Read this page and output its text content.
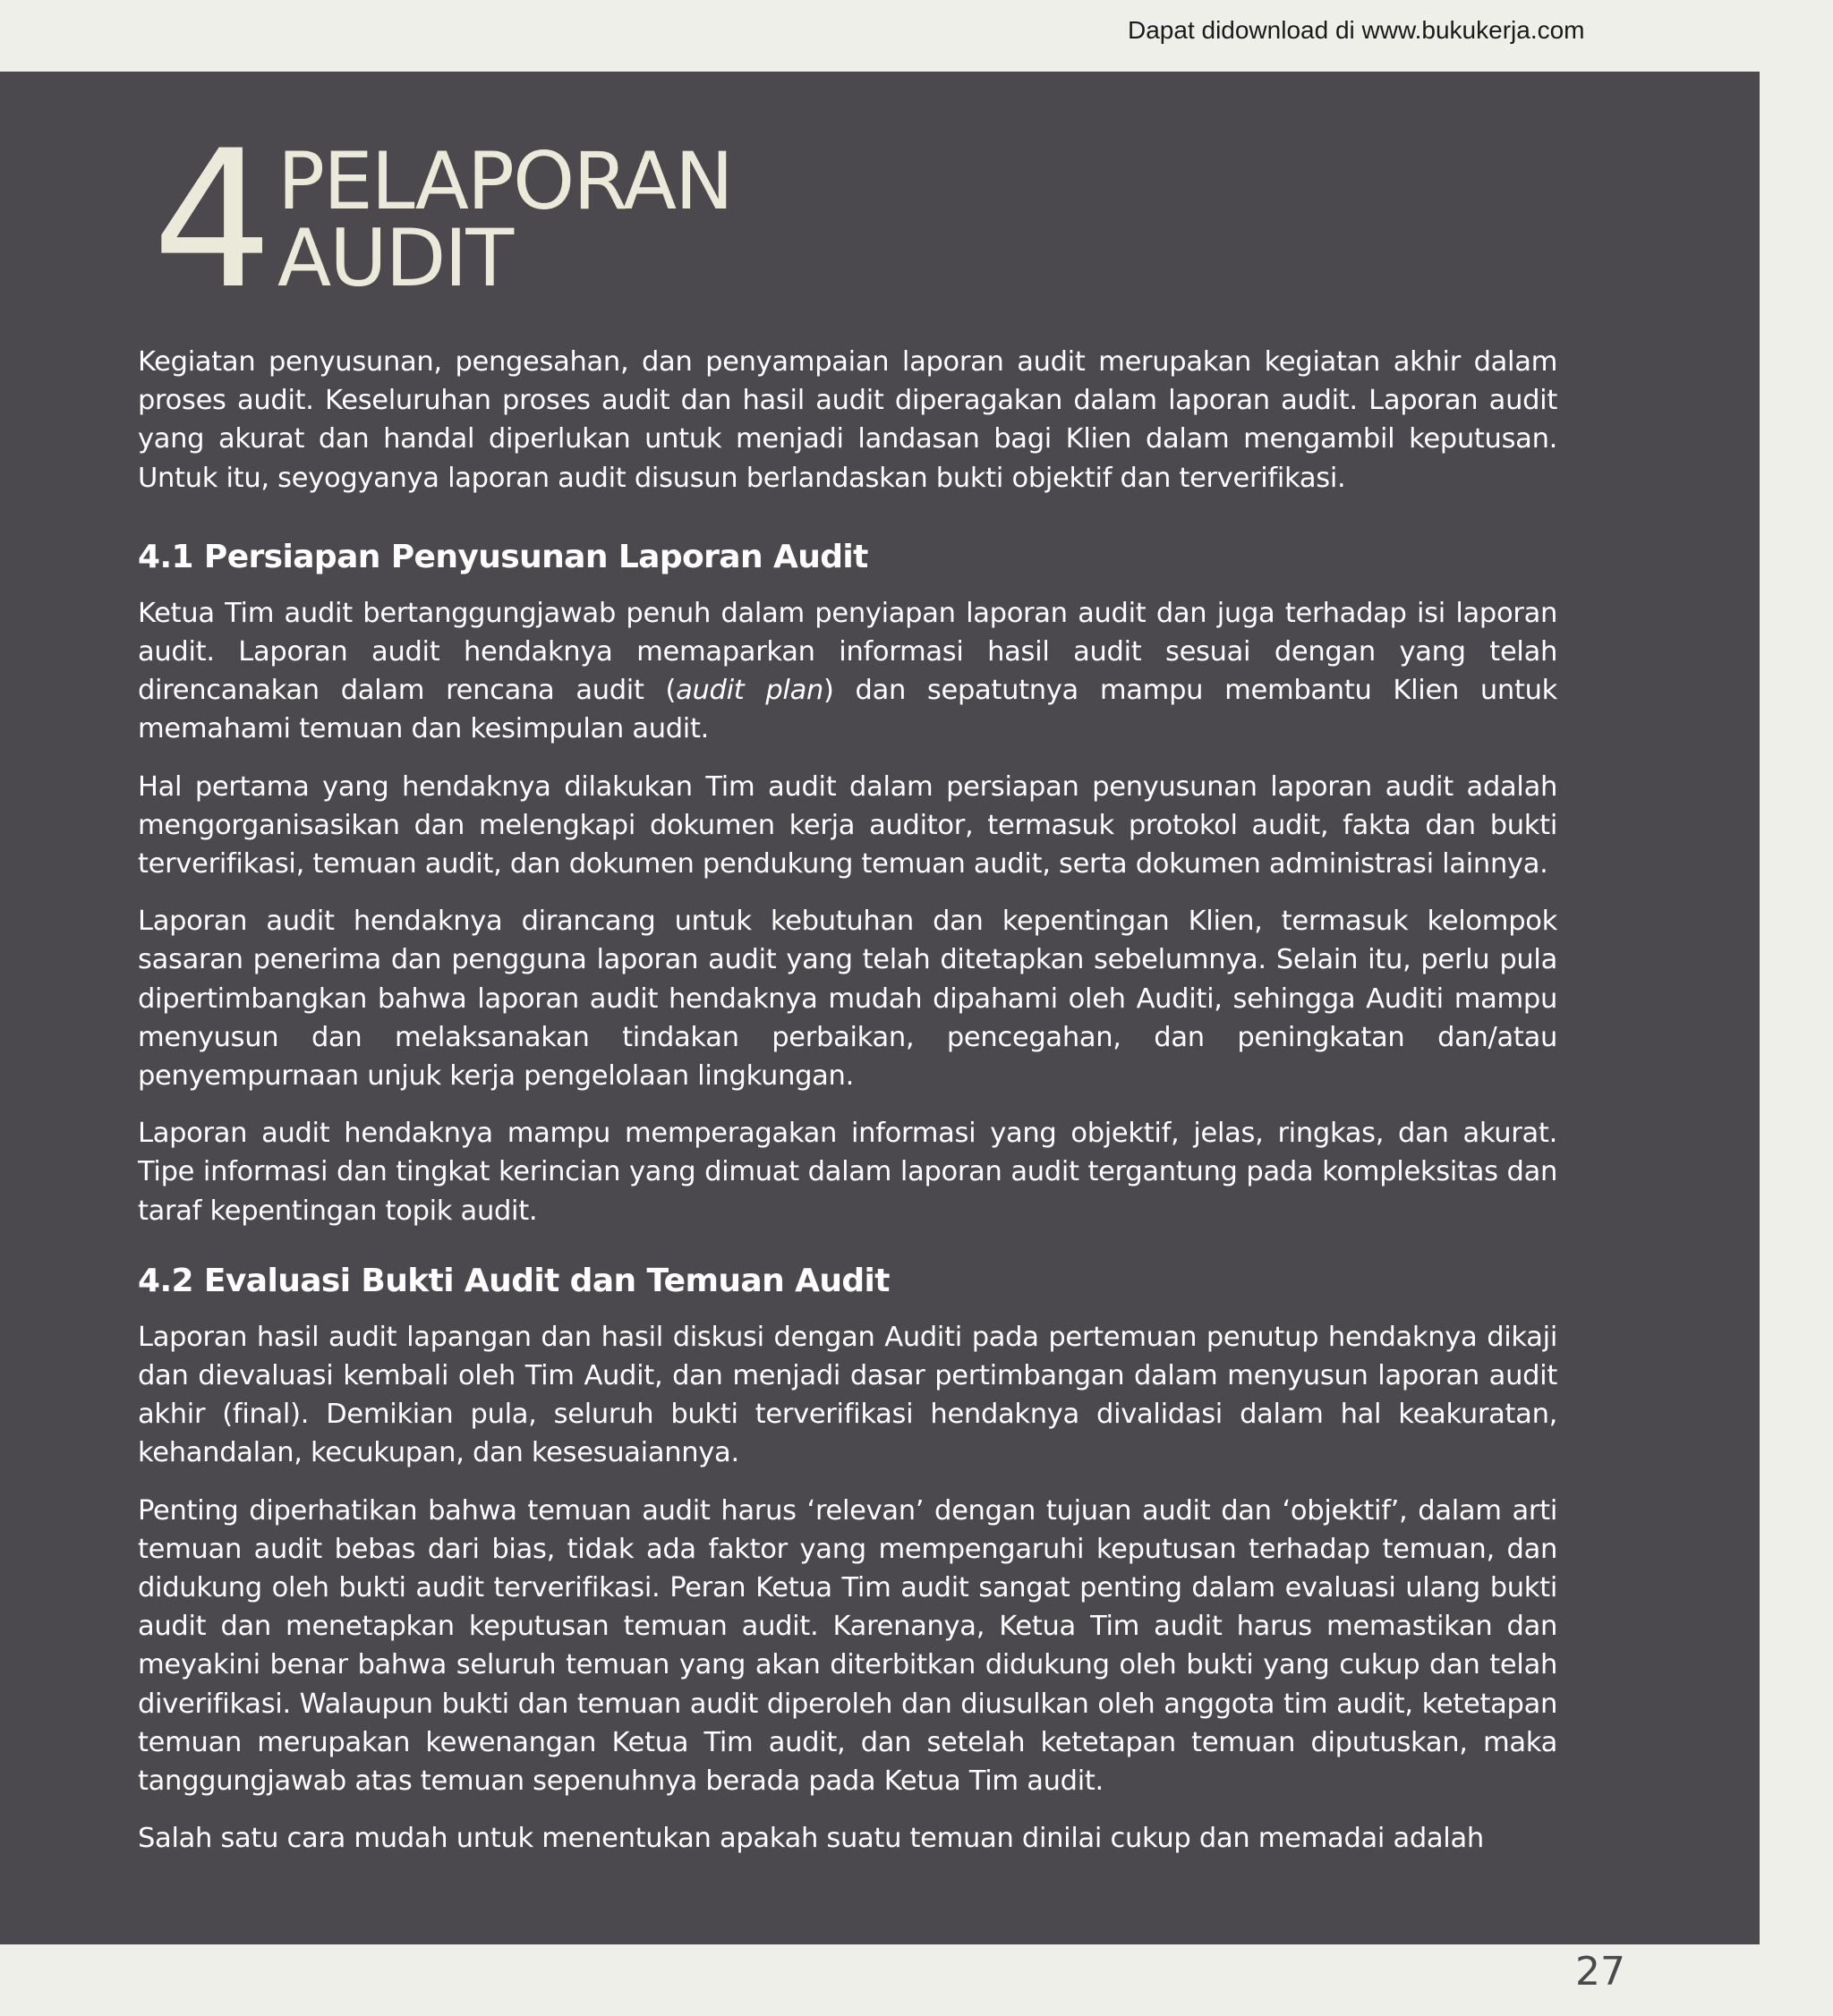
Dapat didownload di www.bukukerja.com
4 PELAPORAN
AUDIT

Kegiatan penyusunan, pengesahan, dan penyampaian laporan audit merupakan kegiatan akhir dalam proses audit. Keseluruhan proses audit dan hasil audit diperagakan dalam laporan audit. Laporan audit yang akurat dan handal diperlukan untuk menjadi landasan bagi Klien dalam mengambil keputusan. Untuk itu, seyogyanya laporan audit disusun berlandaskan bukti objektif dan terverifikasi.

4.1 Persiapan Penyusunan Laporan Audit

Ketua Tim audit bertanggungjawab penuh dalam penyiapan laporan audit dan juga terhadap isi laporan audit. Laporan audit hendaknya memaparkan informasi hasil audit sesuai dengan yang telah direncanakan dalam rencana audit (audit plan) dan sepatutnya mampu membantu Klien untuk memahami temuan dan kesimpulan audit.

Hal pertama yang hendaknya dilakukan Tim audit dalam persiapan penyusunan laporan audit adalah mengorganisasikan dan melengkapi dokumen kerja auditor, termasuk protokol audit, fakta dan bukti terverifikasi, temuan audit, dan dokumen pendukung temuan audit, serta dokumen administrasi lainnya.

Laporan audit hendaknya dirancang untuk kebutuhan dan kepentingan Klien, termasuk kelompok sasaran penerima dan pengguna laporan audit yang telah ditetapkan sebelumnya. Selain itu, perlu pula dipertimbangkan bahwa laporan audit hendaknya mudah dipahami oleh Auditi, sehingga Auditi mampu menyusun dan melaksanakan tindakan perbaikan, pencegahan, dan peningkatan dan/atau penyempurnaan unjuk kerja pengelolaan lingkungan.

Laporan audit hendaknya mampu memperagakan informasi yang objektif, jelas, ringkas, dan akurat. Tipe informasi dan tingkat kerincian yang dimuat dalam laporan audit tergantung pada kompleksitas dan taraf kepentingan topik audit.

4.2 Evaluasi Bukti Audit dan Temuan Audit

Laporan hasil audit lapangan dan hasil diskusi dengan Auditi pada pertemuan penutup hendaknya dikaji dan dievaluasi kembali oleh Tim Audit, dan menjadi dasar pertimbangan dalam menyusun laporan audit akhir (final). Demikian pula, seluruh bukti terverifikasi hendaknya divalidasi dalam hal keakuratan, kehandalan, kecukupan, dan kesesuaiannya.

Penting diperhatikan bahwa temuan audit harus ‘relevan’ dengan tujuan audit dan ‘objektif’, dalam arti temuan audit bebas dari bias, tidak ada faktor yang mempengaruhi keputusan terhadap temuan, dan didukung oleh bukti audit terverifikasi. Peran Ketua Tim audit sangat penting dalam evaluasi ulang bukti audit dan menetapkan keputusan temuan audit. Karenanya, Ketua Tim audit harus memastikan dan meyakini benar bahwa seluruh temuan yang akan diterbitkan didukung oleh bukti yang cukup dan telah diverifikasi. Walaupun bukti dan temuan audit diperoleh dan diusulkan oleh anggota tim audit, ketetapan temuan merupakan kewenangan Ketua Tim audit, dan setelah ketetapan temuan diputuskan, maka tanggungjawab atas temuan sepenuhnya berada pada Ketua Tim audit.

Salah satu cara mudah untuk menentukan apakah suatu temuan dinilai cukup dan memadai adalah

27
